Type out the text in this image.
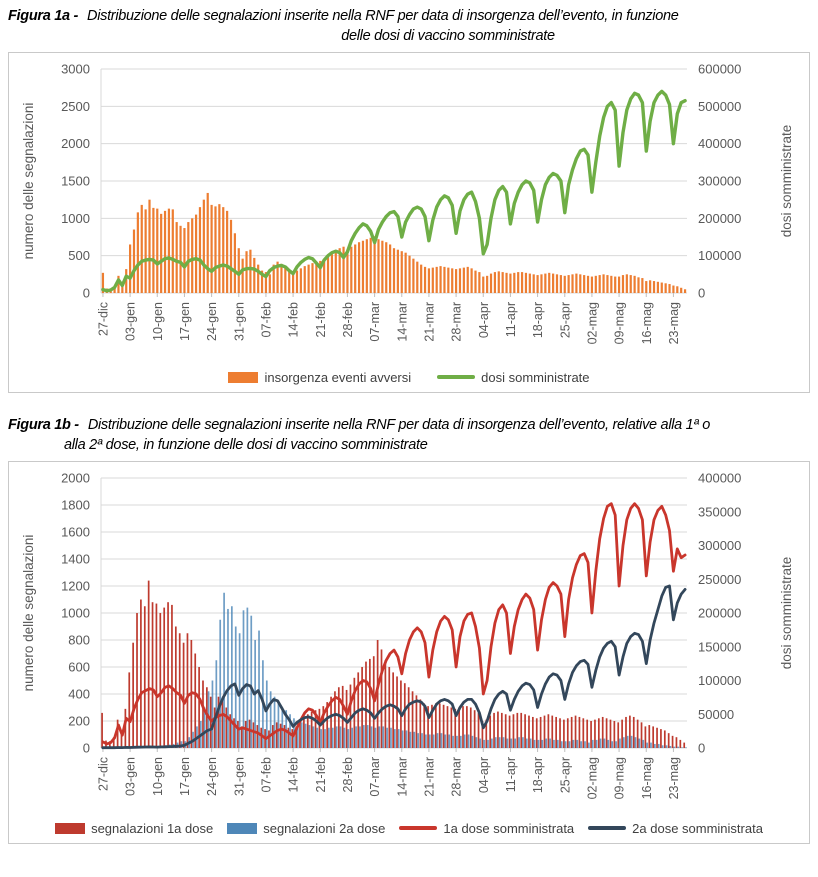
Figura 1a - Distribuzione delle segnalazioni inserite nella RNF per data di insorgenza dell’evento, in funzione
delle dosi di vaccino somministrate
0
500
1000
1500
2000
2500
3000
0
100000
200000
300000
400000
500000
600000
27-dic 03-gen 10-gen 17-gen 24-gen 31-gen 07-feb 14-feb 21-feb 28-feb 07-mar 14-mar 21-mar 28-mar 04-apr 11-apr 18-apr 25-apr 02-mag 09-mag 16-mag 23-mag
numero delle segnalazioni	dosi somministrate
insorgenza eventi avversi	dosi somministrate
Figura 1b - Distribuzione delle segnalazioni inserite nella RNF per data di insorgenza dell’evento, relative alla 1ª o
alla 2ª dose, in funzione delle dosi di vaccino somministrate
0
200
400
600
800
1000
1200
1400
1600
1800
2000
0
50000
100000
150000
200000
250000
300000
350000
400000
27-dic 03-gen 10-gen 17-gen 24-gen 31-gen 07-feb 14-feb 21-feb 28-feb 07-mar 14-mar 21-mar 28-mar 04-apr 11-apr 18-apr 25-apr 02-mag 09-mag 16-mag 23-mag
numero delle segnalazioni	dosi somministrate
segnalazioni 1a dose	segnalazioni 2a dose	1a dose somministrata	2a dose somministrata
